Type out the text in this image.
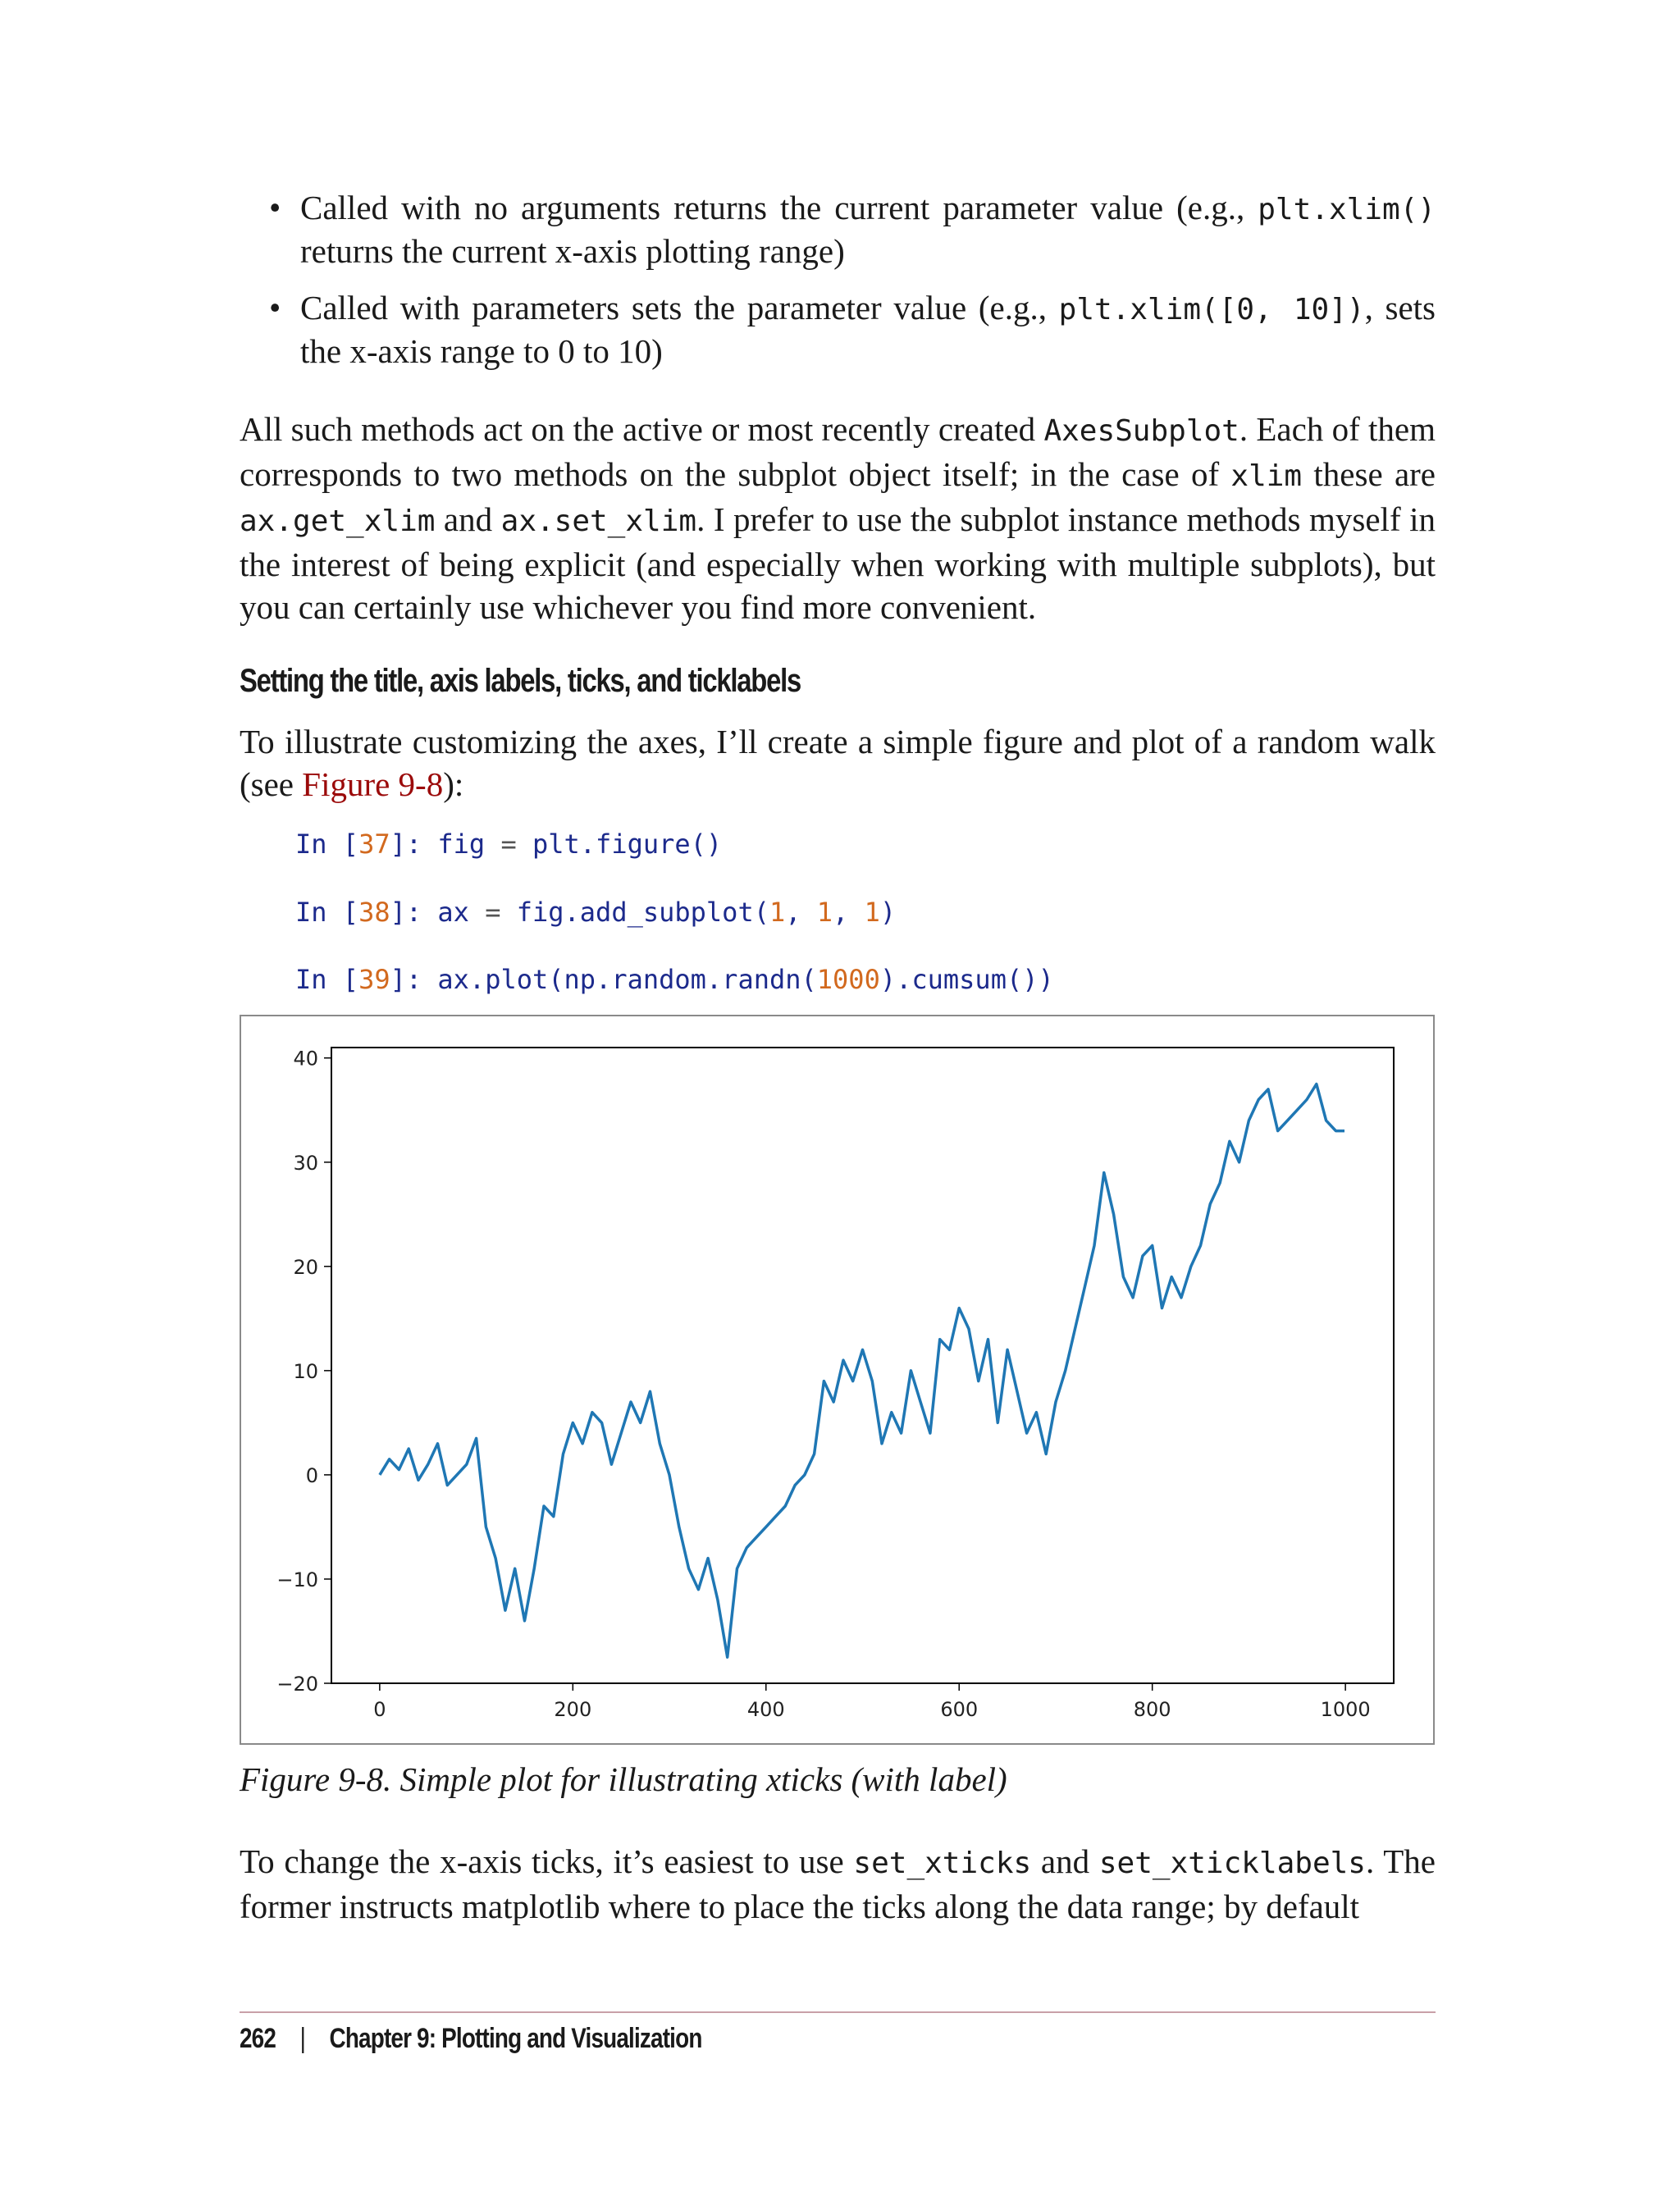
• Called with no arguments returns the current parameter value (e.g., plt.xlim() returns the current x-axis plotting range)
• Called with parameters sets the parameter value (e.g., plt.xlim([0, 10]), sets the x-axis range to 0 to 10)

All such methods act on the active or most recently created AxesSubplot. Each of them corresponds to two methods on the subplot object itself; in the case of xlim these are ax.get_xlim and ax.set_xlim. I prefer to use the subplot instance methods myself in the interest of being explicit (and especially when working with multiple subplots), but you can certainly use whichever you find more convenient.

Setting the title, axis labels, ticks, and ticklabels

To illustrate customizing the axes, I’ll create a simple figure and plot of a random walk (see Figure 9-8):

In [37]: fig = plt.figure()
In [38]: ax = fig.add_subplot(1, 1, 1)
In [39]: ax.plot(np.random.randn(1000).cumsum())
−20
−10
0
10
20
30
40
0	200	400	600	800	1000

Figure 9-8. Simple plot for illustrating xticks (with label)

To change the x-axis ticks, it’s easiest to use set_xticks and set_xticklabels. The former instructs matplotlib where to place the ticks along the data range; by default

262 | Chapter 9: Plotting and Visualization
